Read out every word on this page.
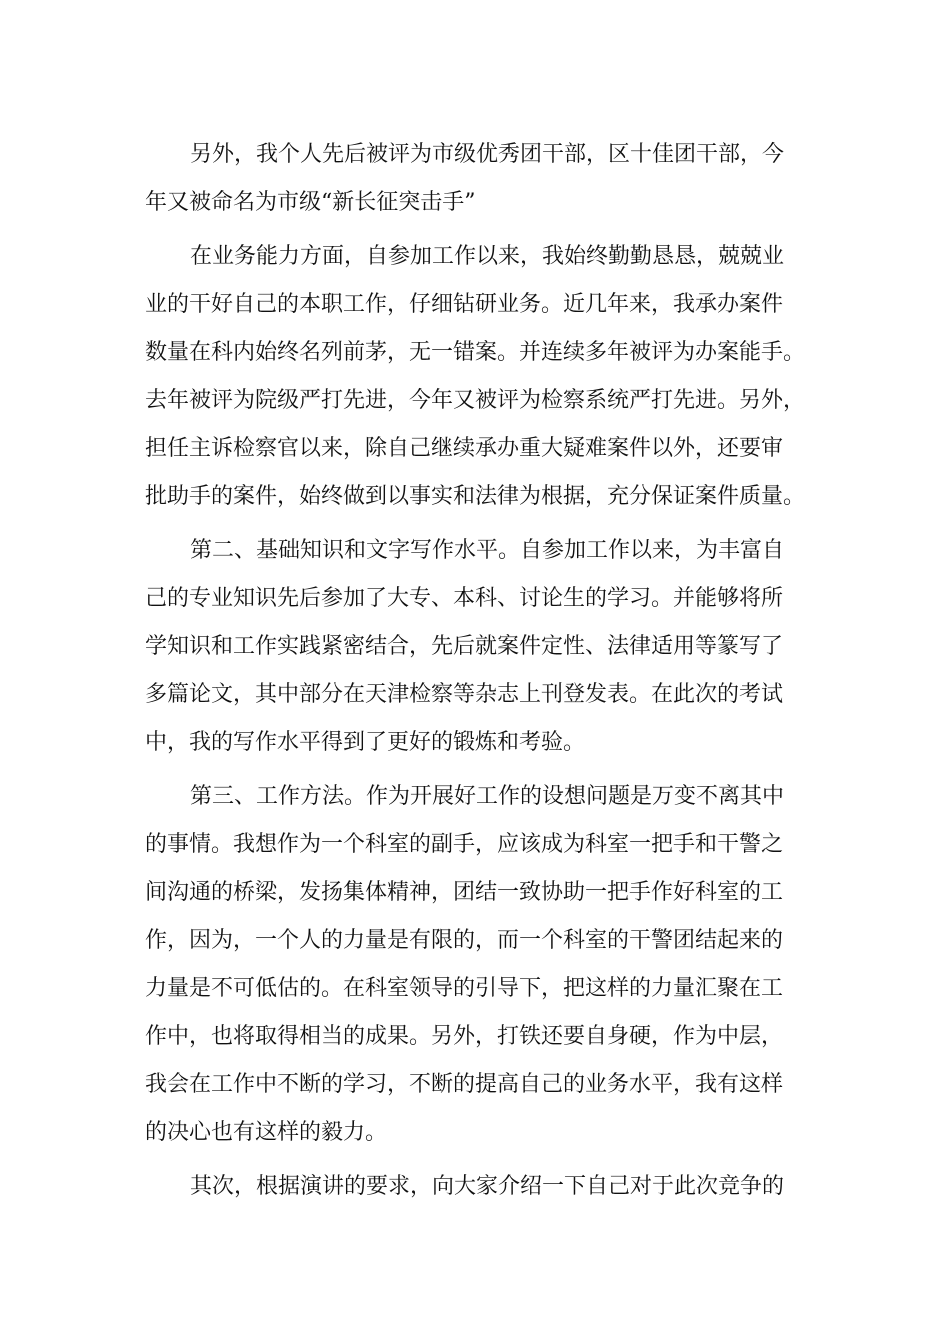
另外，我个人先后被评为市级优秀团干部，区十佳团干部，今
年又被命名为市级“新长征突击手”
在业务能力方面，自参加工作以来，我始终勤勤恳恳，兢兢业
业的干好自己的本职工作，仔细钻研业务。近几年来，我承办案件
数量在科内始终名列前茅，无一错案。并连续多年被评为办案能手。
去年被评为院级严打先进，今年又被评为检察系统严打先进。另外，
担任主诉检察官以来，除自己继续承办重大疑难案件以外，还要审
批助手的案件，始终做到以事实和法律为根据，充分保证案件质量。
第二、基础知识和文字写作水平。自参加工作以来，为丰富自
己的专业知识先后参加了大专、本科、讨论生的学习。并能够将所
学知识和工作实践紧密结合，先后就案件定性、法律适用等篆写了
多篇论文，其中部分在天津检察等杂志上刊登发表。在此次的考试
中，我的写作水平得到了更好的锻炼和考验。
第三、工作方法。作为开展好工作的设想问题是万变不离其中
的事情。我想作为一个科室的副手，应该成为科室一把手和干警之
间沟通的桥梁，发扬集体精神，团结一致协助一把手作好科室的工
作，因为，一个人的力量是有限的，而一个科室的干警团结起来的
力量是不可低估的。在科室领导的引导下，把这样的力量汇聚在工
作中，也将取得相当的成果。另外，打铁还要自身硬，作为中层，
我会在工作中不断的学习，不断的提高自己的业务水平，我有这样
的决心也有这样的毅力。
其次，根据演讲的要求，向大家介绍一下自己对于此次竞争的
